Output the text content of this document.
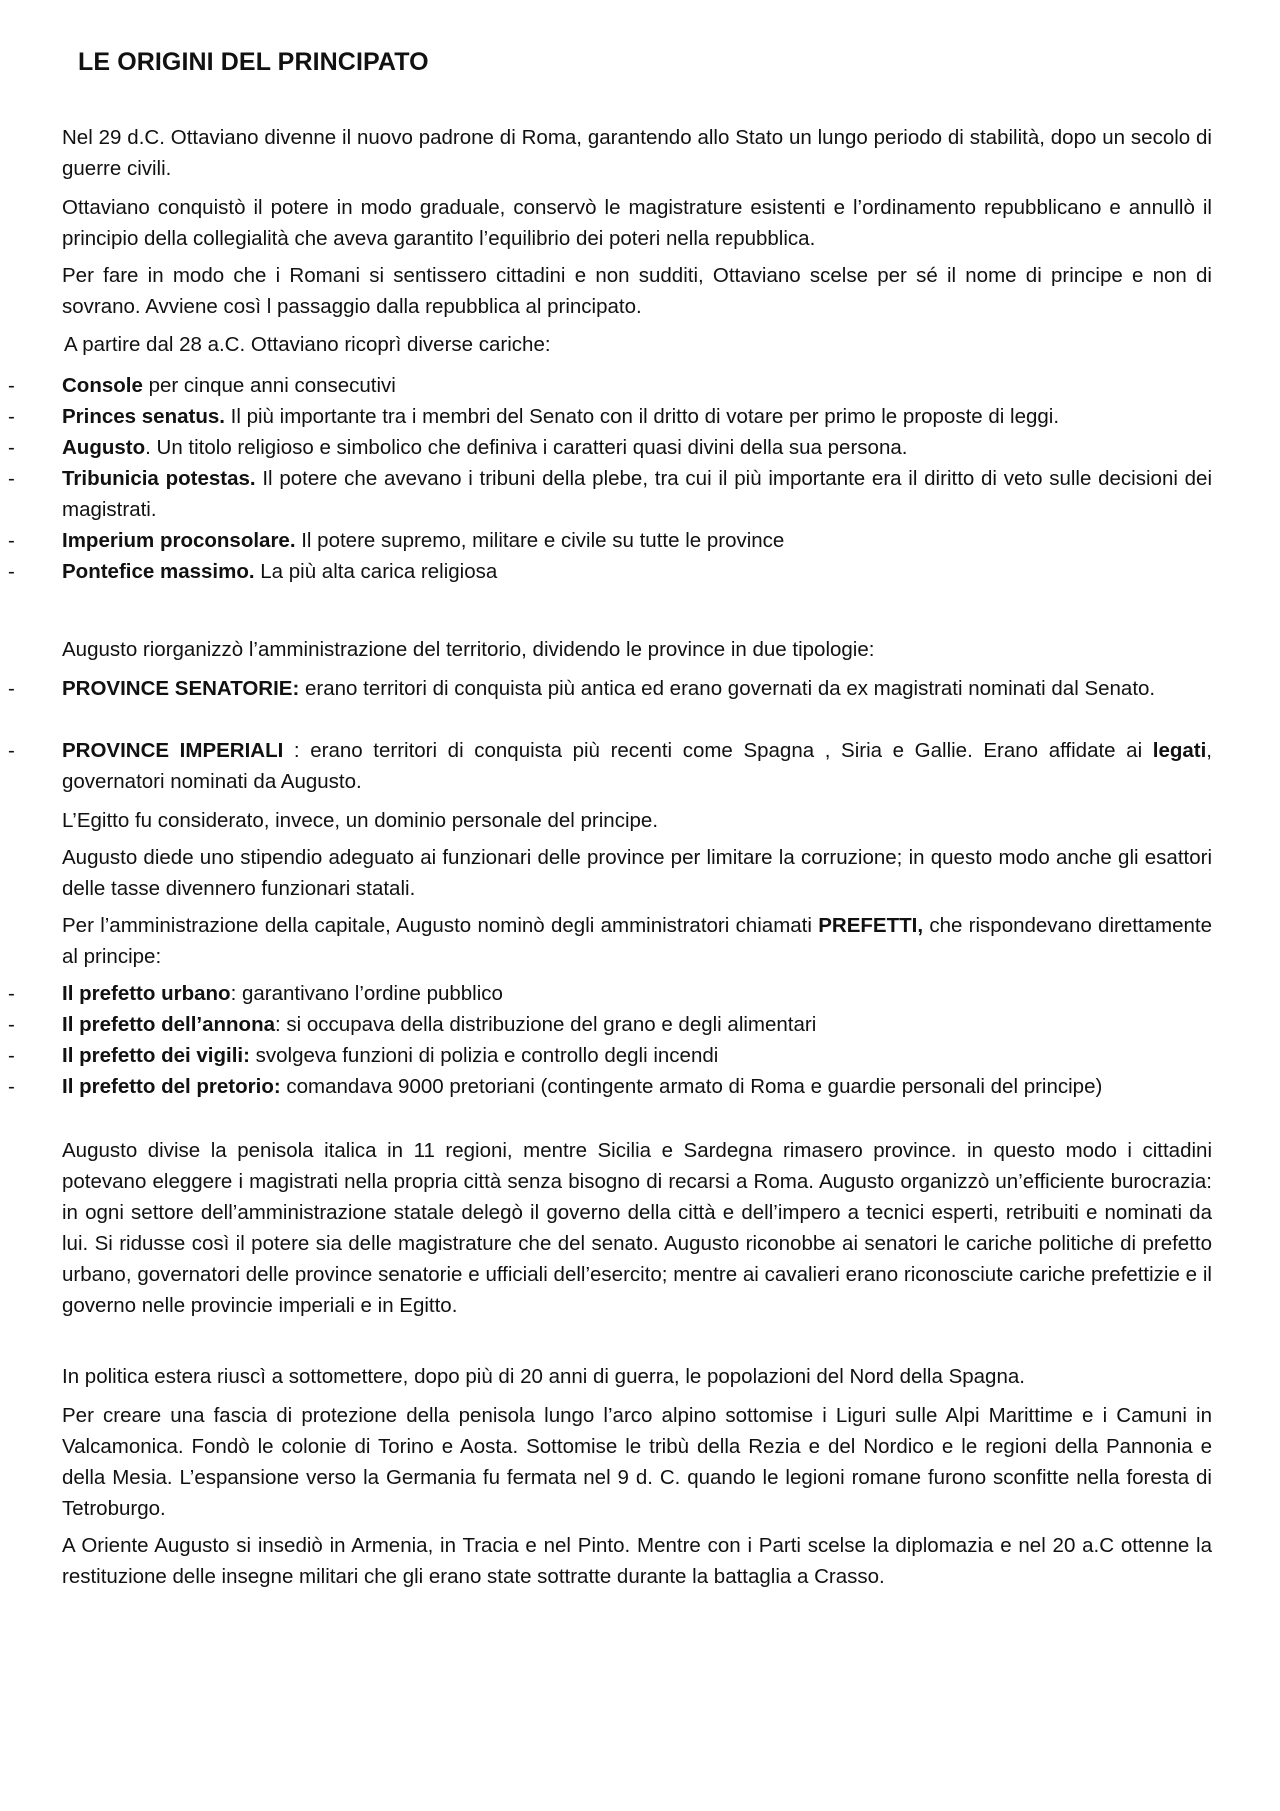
LE ORIGINI DEL PRINCIPATO
Nel 29 d.C. Ottaviano divenne il nuovo padrone di Roma, garantendo allo Stato un lungo periodo di stabilità, dopo un secolo di guerre civili.
Ottaviano conquistò il potere in modo graduale, conservò le magistrature esistenti e l’ordinamento repubblicano e annullò il principio della collegialità che aveva garantito l’equilibrio dei poteri nella repubblica.
Per fare in modo che i Romani si sentissero cittadini e non sudditi, Ottaviano scelse per sé il nome di principe e non di sovrano. Avviene così l passaggio dalla repubblica al principato.
A partire dal 28 a.C. Ottaviano ricoprì diverse cariche:
- Console per cinque anni consecutivi
- Princes senatus. Il più importante tra i membri del Senato con il dritto di votare per primo le proposte di leggi.
- Augusto. Un titolo religioso e simbolico che definiva i caratteri quasi divini della sua persona.
- Tribunicia potestas. Il potere che avevano i tribuni della plebe, tra cui il più importante era il diritto di veto sulle decisioni dei magistrati.
- Imperium proconsolare. Il potere supremo, militare e civile su tutte le province
- Pontefice massimo. La più alta carica religiosa
Augusto riorganizzò l’amministrazione del territorio, dividendo le province in due tipologie:
- PROVINCE SENATORIE: erano territori di conquista più antica ed erano governati da ex magistrati nominati dal Senato.
- PROVINCE IMPERIALI : erano territori di conquista più recenti come Spagna , Siria e Gallie. Erano affidate ai legati, governatori nominati da Augusto.
L’Egitto fu considerato, invece, un dominio personale del principe.
Augusto diede uno stipendio adeguato ai funzionari delle province per limitare la corruzione; in questo modo anche gli esattori delle tasse divennero funzionari statali.
Per l’amministrazione della capitale, Augusto nominò degli amministratori chiamati PREFETTI, che rispondevano direttamente al principe:
- Il prefetto urbano: garantivano l’ordine pubblico
- Il prefetto dell’annona: si occupava della distribuzione del grano e degli alimentari
- Il prefetto dei vigili: svolgeva funzioni di polizia e controllo degli incendi
- Il prefetto del pretorio: comandava 9000 pretoriani (contingente armato di Roma e guardie personali del principe)
Augusto divise la penisola italica in 11 regioni, mentre Sicilia e Sardegna rimasero province. in questo modo i cittadini potevano eleggere i magistrati nella propria città senza bisogno di recarsi a Roma. Augusto organizzò un’efficiente burocrazia: in ogni settore dell’amministrazione statale delegò il governo della città e dell’impero a tecnici esperti, retribuiti e nominati da lui. Si ridusse così il potere sia delle magistrature che del senato. Augusto riconobbe ai senatori le cariche politiche di prefetto urbano, governatori delle province senatorie e ufficiali dell’esercito; mentre ai cavalieri erano riconosciute cariche prefettizie e il governo nelle provincie imperiali e in Egitto.
In politica estera riuscì a sottomettere, dopo più di 20 anni di guerra, le popolazioni del Nord della Spagna.
Per creare una fascia di protezione della penisola lungo l’arco alpino sottomise i Liguri sulle Alpi Marittime e i Camuni in Valcamonica. Fondò le colonie di Torino e Aosta. Sottomise le tribù della Rezia e del Nordico e le regioni della Pannonia e della Mesia. L’espansione verso la Germania fu fermata nel 9 d. C. quando le legioni romane furono sconfitte nella foresta di Tetroburgo.
A Oriente Augusto si insediò in Armenia, in Tracia e nel Pinto. Mentre con i Parti scelse la diplomazia e nel 20 a.C ottenne la restituzione delle insegne militari che gli erano state sottratte durante la battaglia a Crasso.
